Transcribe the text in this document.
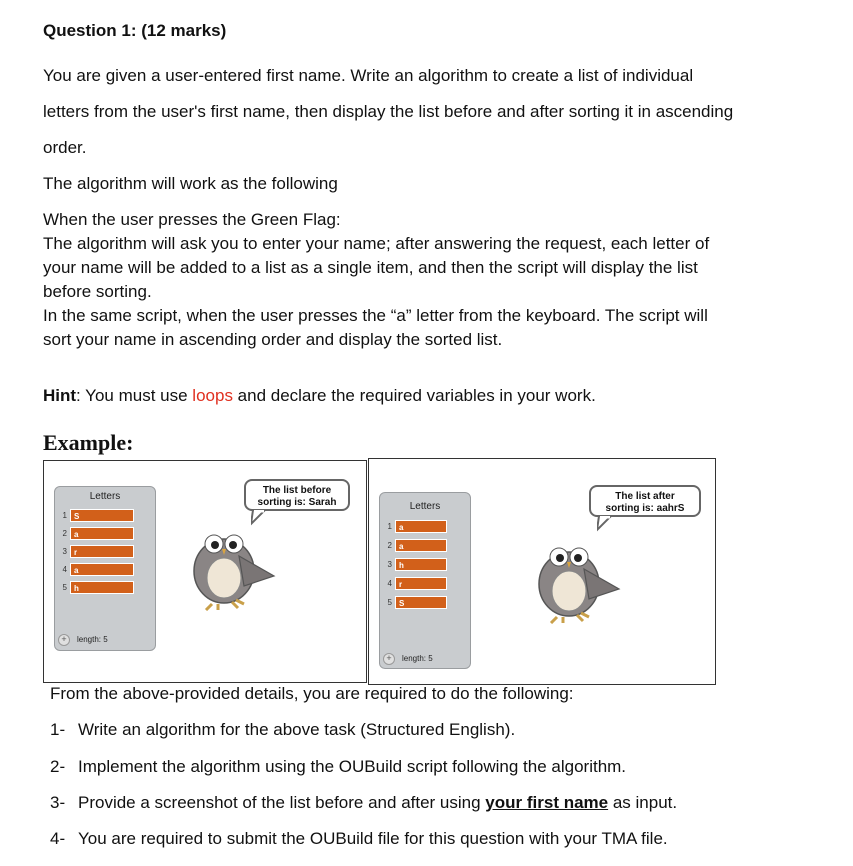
Question 1: (12 marks)
You are given a user-entered first name. Write an algorithm to create a list of individual
letters from the user's first name, then display the list before and after sorting it in ascending
order.
The algorithm will work as the following
When the user presses the Green Flag:
The algorithm will ask you to enter your name; after answering the request, each letter of
your name will be added to a list as a single item, and then the script will display the list
before sorting.
In the same script, when the user presses the “a” letter from the keyboard. The script will
sort your name in ascending order and display the sorted list.
Hint: You must use loops and declare the required variables in your work.
Example:
Letters
1 S
2 a
3 r
4 a
5 h
+	length: 5
The list before
sorting is: Sarah	Letters
1 a
2 a
3 h
4 r
5 S
+	length: 5
The list after
sorting is: aahrS
From the above-provided details, you are required to do the following:
1- Write an algorithm for the above task (Structured English).
2- Implement the algorithm using the OUBuild script following the algorithm.
3- Provide a screenshot of the list before and after using your first name as input.
4- You are required to submit the OUBuild file for this question with your TMA file.
